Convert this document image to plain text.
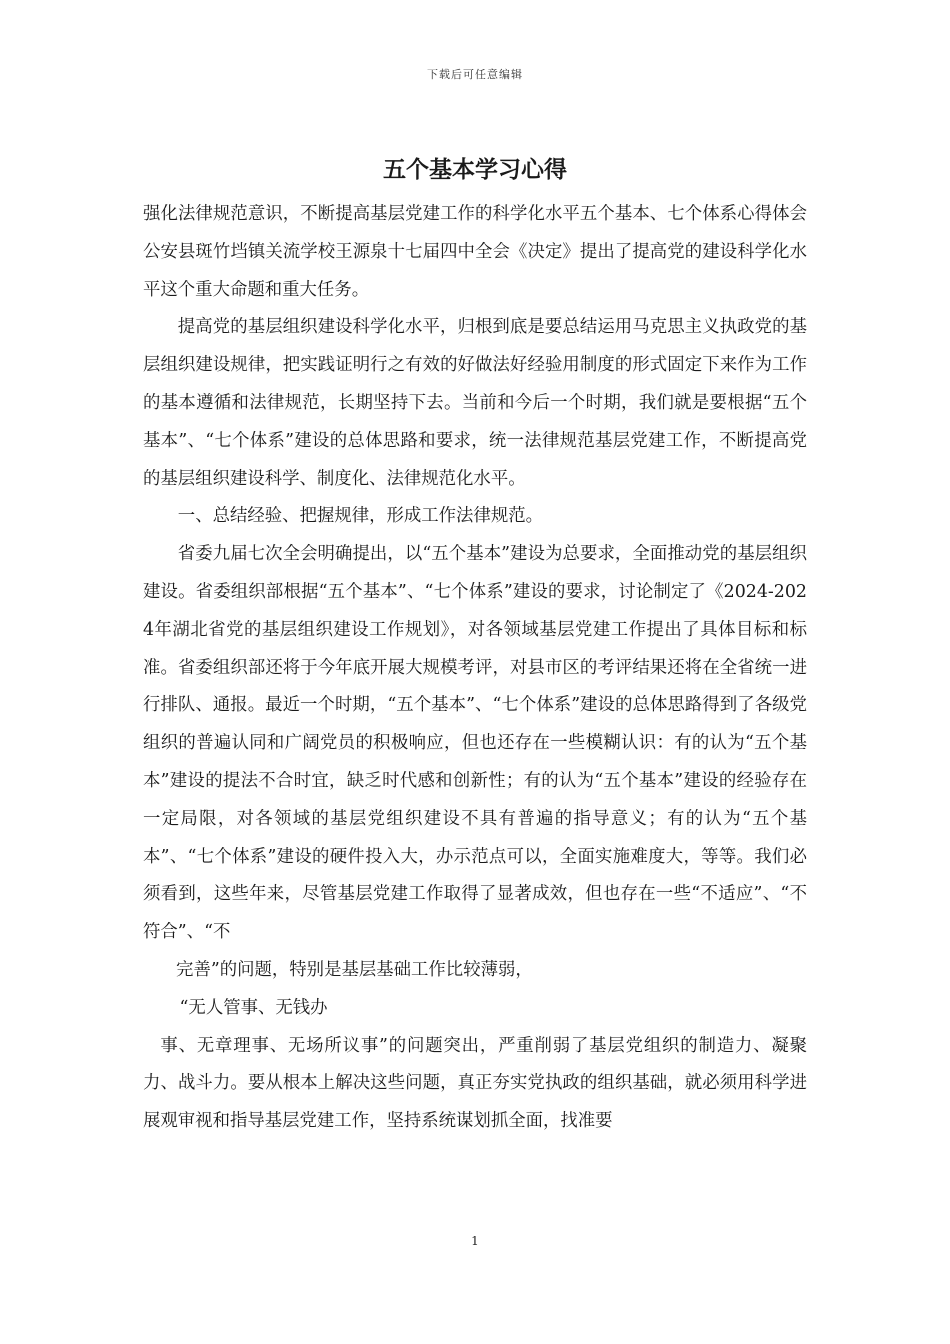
下载后可任意编辑
五个基本学习心得

强化法律规范意识，不断提高基层党建工作的科学化水平五个基本、七个体系心得体会公安县斑竹垱镇关流学校王源泉十七届四中全会《决定》提出了提高党的建设科学化水平这个重大命题和重大任务。

提高党的基层组织建设科学化水平，归根到底是要总结运用马克思主义执政党的基层组织建设规律，把实践证明行之有效的好做法好经验用制度的形式固定下来作为工作的基本遵循和法律规范，长期坚持下去。当前和今后一个时期，我们就是要根据“五个基本”、“七个体系”建设的总体思路和要求，统一法律规范基层党建工作，不断提高党的基层组织建设科学、制度化、法律规范化水平。

一、总结经验、把握规律，形成工作法律规范。

省委九届七次全会明确提出，以“五个基本”建设为总要求，全面推动党的基层组织建设。省委组织部根据“五个基本”、“七个体系”建设的要求，讨论制定了《2024-2024年湖北省党的基层组织建设工作规划》，对各领域基层党建工作提出了具体目标和标准。省委组织部还将于今年底开展大规模考评，对县市区的考评结果还将在全省统一进行排队、通报。最近一个时期，“五个基本”、“七个体系”建设的总体思路得到了各级党组织的普遍认同和广阔党员的积极响应，但也还存在一些模糊认识：有的认为“五个基本”建设的提法不合时宜，缺乏时代感和创新性；有的认为“五个基本”建设的经验存在一定局限，对各领域的基层党组织建设不具有普遍的指导意义；有的认为“五个基本”、“七个体系”建设的硬件投入大，办示范点可以，全面实施难度大，等等。我们必须看到，这些年来，尽管基层党建工作取得了显著成效，但也存在一些“不适应”、“不符合”、“不

完善”的问题，特别是基层基础工作比较薄弱，

“无人管事、无钱办

事、无章理事、无场所议事”的问题突出，严重削弱了基层党组织的制造力、凝聚力、战斗力。要从根本上解决这些问题，真正夯实党执政的组织基础，就必须用科学进展观审视和指导基层党建工作，坚持系统谋划抓全面，找准要

1
